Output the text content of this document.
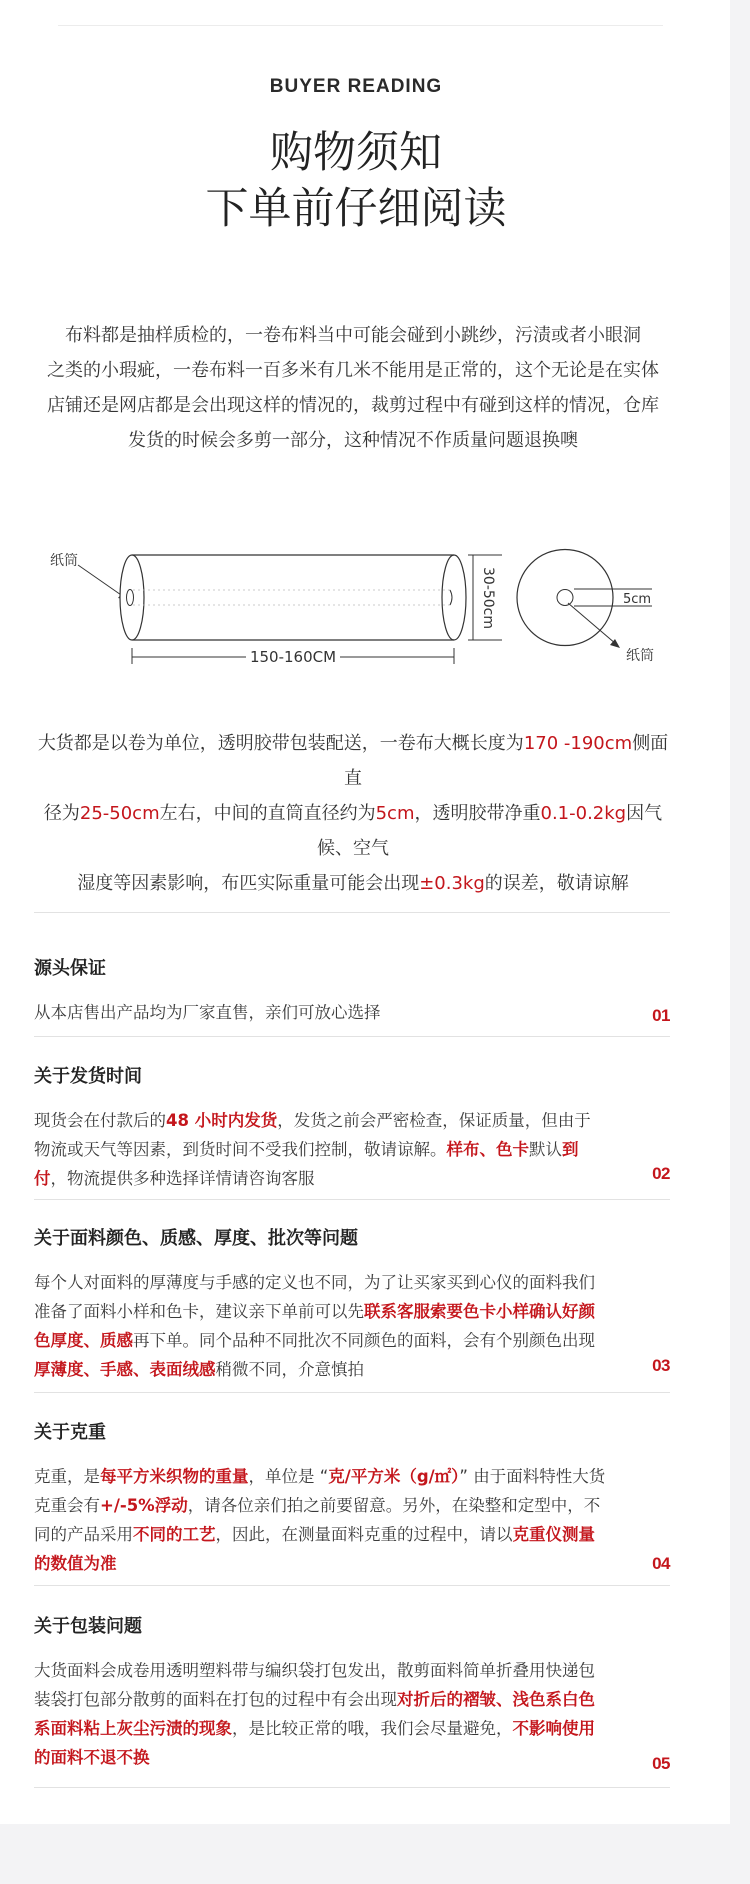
BUYER READING
购物须知
下单前仔细阅读

布料都是抽样质检的，一卷布料当中可能会碰到小跳纱，污渍或者小眼洞

之类的小瑕疵，一卷布料一百多米有几米不能用是正常的，这个无论是在实体

店铺还是网店都是会出现这样的情况的，裁剪过程中有碰到这样的情况，仓库

发货的时候会多剪一部分，这种情况不作质量问题退换噢

纸筒
150-160CM
30-50cm	5cm
纸筒
大货都是以卷为单位，透明胶带包装配送，一卷布大概长度为170 -190cm侧面直
径为25-50cm左右，中间的直筒直径约为5cm，透明胶带净重0.1-0.2kg因气候、空气
湿度等因素影响，布匹实际重量可能会出现±0.3kg的误差，敬请谅解
源头保证
从本店售出产品均为厂家直售，亲们可放心选择	01
关于发货时间
现货会在付款后的48 小时内发货，发货之前会严密检查，保证质量，但由于物流或天气等因素，到货时间不受我们控制，敬请谅解。样布、色卡默认到付，物流提供多种选择详情请咨询客服	02
关于面料颜色、质感、厚度、批次等问题
每个人对面料的厚薄度与手感的定义也不同，为了让买家买到心仪的面料我们准备了面料小样和色卡，建议亲下单前可以先联系客服索要色卡小样确认好颜色厚度、质感再下单。同个品种不同批次不同颜色的面料，会有个别颜色出现厚薄度、手感、表面绒感稍微不同，介意慎拍	03
关于克重
克重，是每平方米织物的重量，单位是 “克/平方米（g/㎡）” 由于面料特性大货克重会有+/-5%浮动，请各位亲们拍之前要留意。另外，在染整和定型中，不同的产品采用不同的工艺，因此，在测量面料克重的过程中，请以克重仪测量的数值为准	04
关于包装问题
大货面料会成卷用透明塑料带与编织袋打包发出，散剪面料简单折叠用快递包装袋打包部分散剪的面料在打包的过程中有会出现对折后的褶皱、浅色系白色系面料粘上灰尘污渍的现象，是比较正常的哦，我们会尽量避免，不影响使用的面料不退不换	05
